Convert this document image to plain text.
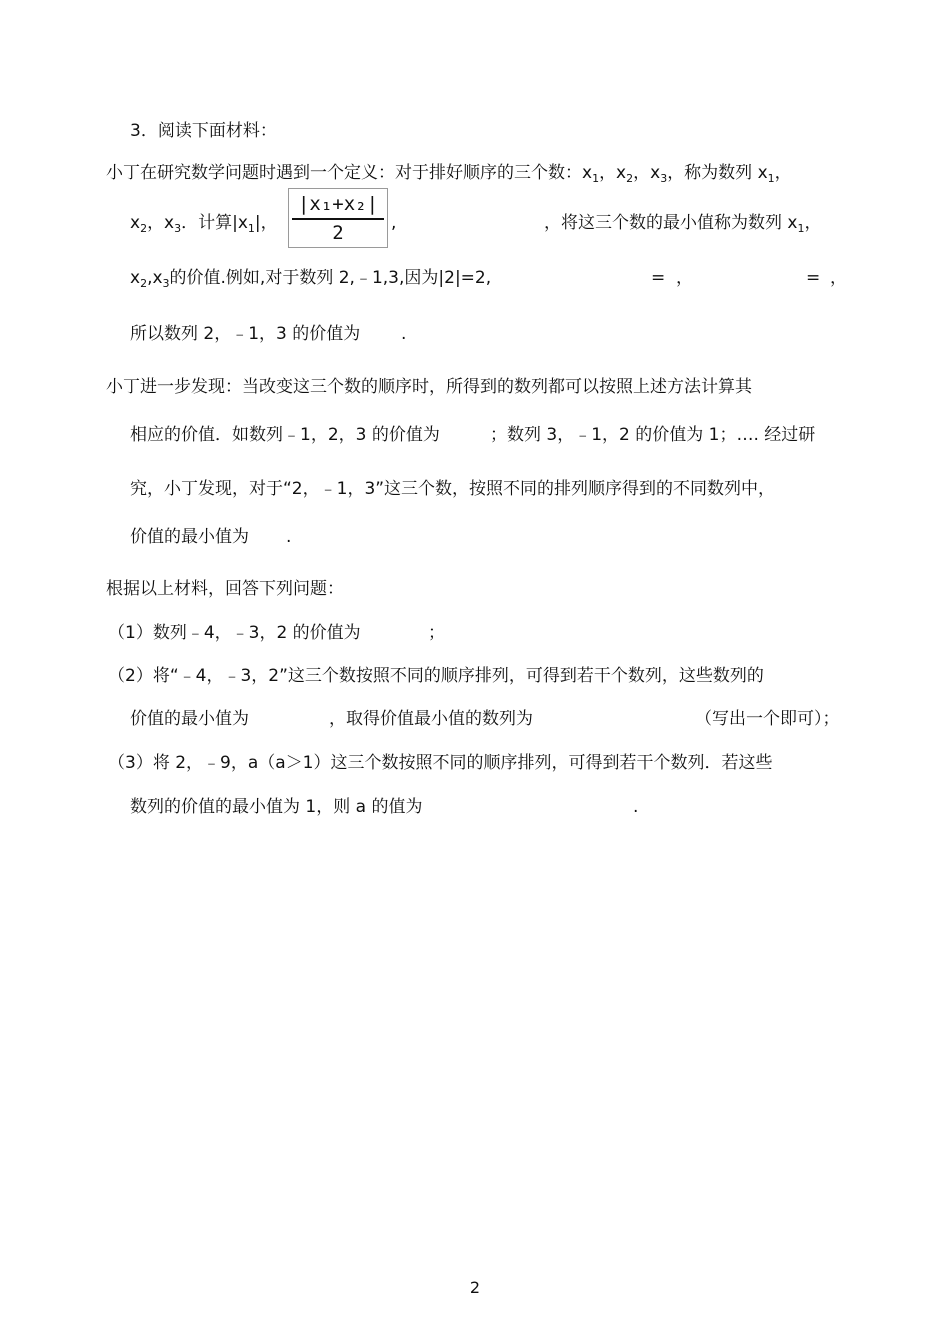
3．阅读下面材料：
小丁在研究数学问题时遇到一个定义：对于排好顺序的三个数：$x_1$，$x_2$，$x_3$，称为数列 $x_1$，
$x_2$，$x_3$．计算$|x_1|$，
|x₁+x₂|
2	,	，将这三个数的最小值称为数列 $x_1$，
$x_2,x_3$的价值.例如,对于数列 2,﹣1,3,因为|2|=2,	= ，	= ，
所以数列 2，﹣1，3 的价值为 .
小丁进一步发现：当改变这三个数的顺序时，所得到的数列都可以按照上述方法计算其
相应的价值．如数列﹣1，2，3 的价值为	；数列 3，﹣1，2 的价值为 1；…. 经过研
究，小丁发现，对于“2，﹣1，3”这三个数，按照不同的排列顺序得到的不同数列中，
价值的最小值为 .
根据以上材料，回答下列问题：
（1）数列﹣4，﹣3，2 的价值为	；
（2）将“﹣4，﹣3，2”这三个数按照不同的顺序排列，可得到若干个数列，这些数列的
价值的最小值为	，取得价值最小值的数列为	（写出一个即可）；
（3）将 2，﹣9，a（a＞1）这三个数按照不同的顺序排列，可得到若干个数列．若这些
数列的价值的最小值为 1，则 a 的值为	.
2
